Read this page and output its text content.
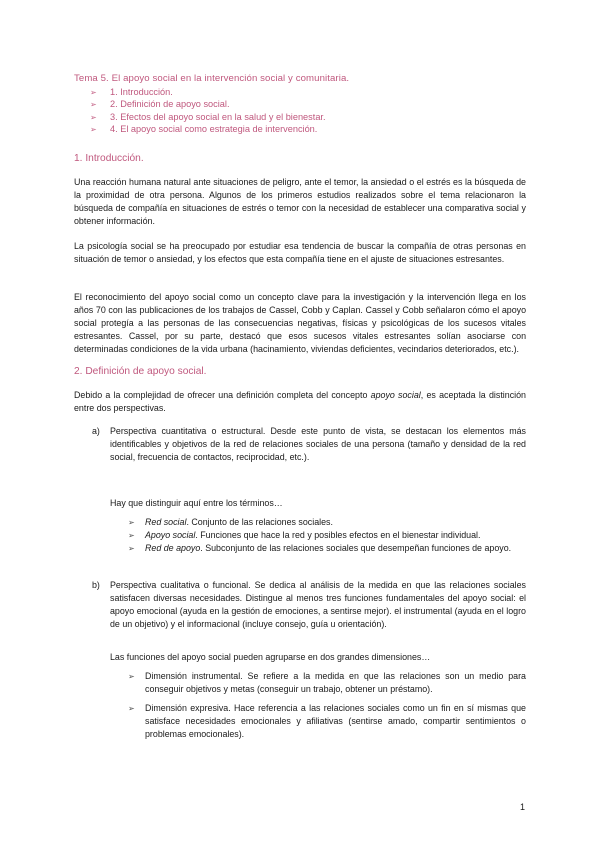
Tema 5. El apoyo social en la intervención social y comunitaria.
➢ 1. Introducción.
➢ 2. Definición de apoyo social.
➢ 3. Efectos del apoyo social en la salud y el bienestar.
➢ 4. El apoyo social como estrategia de intervención.
1. Introducción.

Una reacción humana natural ante situaciones de peligro, ante el temor, la ansiedad o el estrés es la búsqueda de la proximidad de otra persona. Algunos de los primeros estudios realizados sobre el tema relacionaron la búsqueda de compañía en situaciones de estrés o temor con la necesidad de establecer una comparativa social y obtener información.

La psicología social se ha preocupado por estudiar esa tendencia de buscar la compañía de otras personas en situación de temor o ansiedad, y los efectos que esta compañía tiene en el ajuste de situaciones estresantes.

El reconocimiento del apoyo social como un concepto clave para la investigación y la intervención llega en los años 70 con las publicaciones de los trabajos de Cassel, Cobb y Caplan. Cassel y Cobb señalaron cómo el apoyo social protegía a las personas de las consecuencias negativas, físicas y psicológicas de los sucesos vitales estresantes. Cassel, por su parte, destacó que esos sucesos vitales estresantes solían asociarse con determinadas condiciones de la vida urbana (hacinamiento, viviendas deficientes, vecindarios deteriorados, etc.).

2. Definición de apoyo social.

Debido a la complejidad de ofrecer una definición completa del concepto apoyo social, es aceptada la distinción entre dos perspectivas.

a) Perspectiva cuantitativa o estructural. Desde este punto de vista, se destacan los elementos más identificables y objetivos de la red de relaciones sociales de una persona (tamaño y densidad de la red social, frecuencia de contactos, reciprocidad, etc.).

Hay que distinguir aquí entre los términos…

➢ Red social. Conjunto de las relaciones sociales.
➢ Apoyo social. Funciones que hace la red y posibles efectos en el bienestar individual.
➢ Red de apoyo. Subconjunto de las relaciones sociales que desempeñan funciones de apoyo.
b) Perspectiva cualitativa o funcional. Se dedica al análisis de la medida en que las relaciones sociales satisfacen diversas necesidades. Distingue al menos tres funciones fundamentales del apoyo social: el apoyo emocional (ayuda en la gestión de emociones, a sentirse mejor). el instrumental (ayuda en el logro de un objetivo) y el informacional (incluye consejo, guía u orientación).

Las funciones del apoyo social pueden agruparse en dos grandes dimensiones…

➢ Dimensión instrumental. Se refiere a la medida en que las relaciones son un medio para conseguir objetivos y metas (conseguir un trabajo, obtener un préstamo).
➢ Dimensión expresiva. Hace referencia a las relaciones sociales como un fin en sí mismas que satisface necesidades emocionales y afiliativas (sentirse amado, compartir sentimientos o problemas emocionales).
1
